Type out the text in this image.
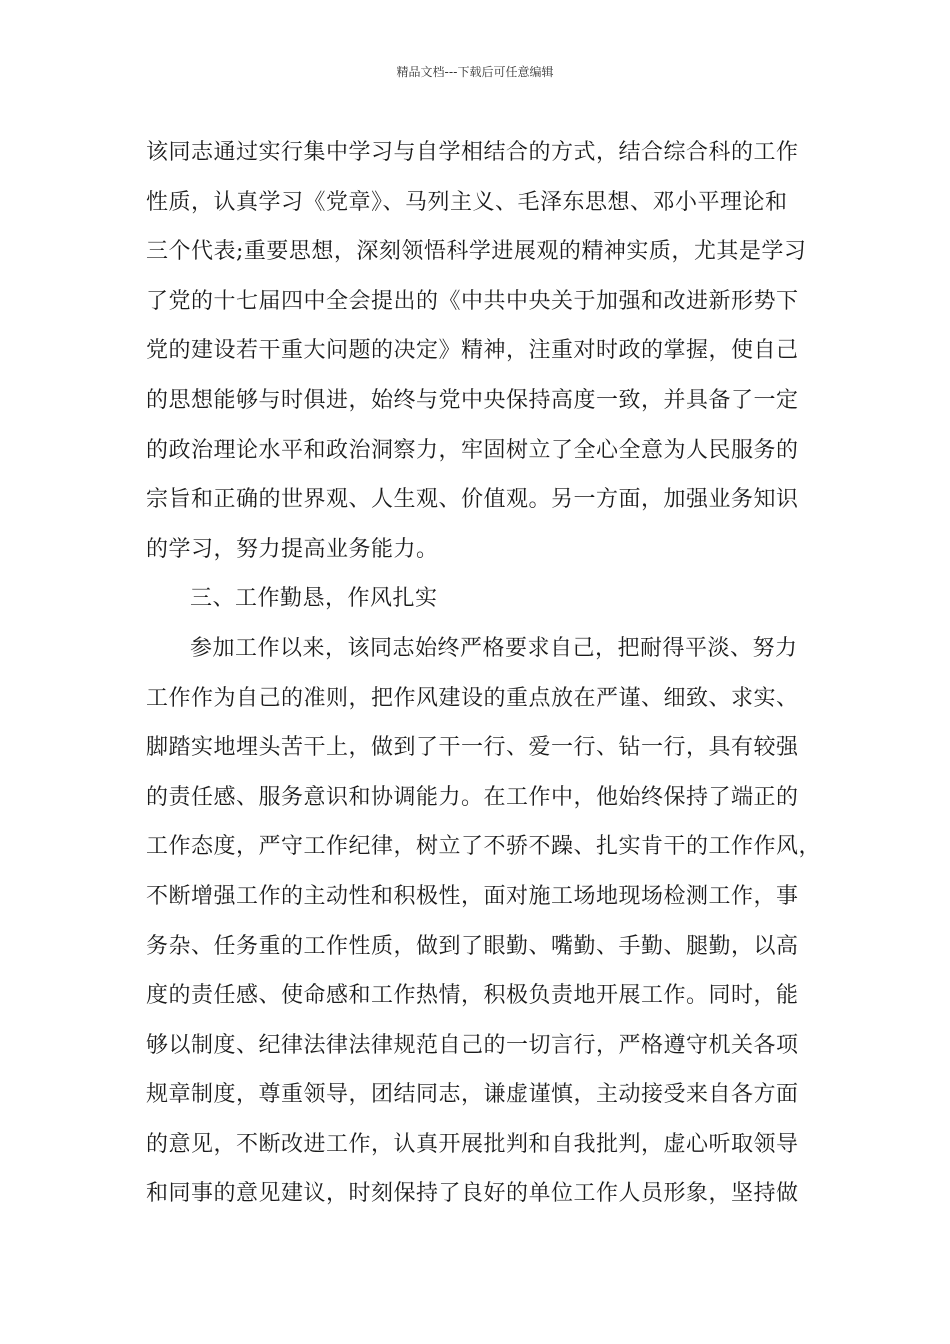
精品文档---下载后可任意编辑
该同志通过实行集中学习与自学相结合的方式，结合综合科的工作
性质，认真学习《党章》、马列主义、毛泽东思想、邓小平理论和
三个代表;重要思想，深刻领悟科学进展观的精神实质，尤其是学习
了党的十七届四中全会提出的《中共中央关于加强和改进新形势下
党的建设若干重大问题的决定》精神，注重对时政的掌握，使自己
的思想能够与时俱进，始终与党中央保持高度一致，并具备了一定
的政治理论水平和政治洞察力，牢固树立了全心全意为人民服务的
宗旨和正确的世界观、人生观、价值观。另一方面，加强业务知识
的学习，努力提高业务能力。
三、工作勤恳，作风扎实
参加工作以来，该同志始终严格要求自己，把耐得平淡、努力
工作作为自己的准则，把作风建设的重点放在严谨、细致、求实、
脚踏实地埋头苦干上，做到了干一行、爱一行、钻一行，具有较强
的责任感、服务意识和协调能力。在工作中，他始终保持了端正的
工作态度，严守工作纪律，树立了不骄不躁、扎实肯干的工作作风，
不断增强工作的主动性和积极性，面对施工场地现场检测工作，事
务杂、任务重的工作性质，做到了眼勤、嘴勤、手勤、腿勤，以高
度的责任感、使命感和工作热情，积极负责地开展工作。同时，能
够以制度、纪律法律法律规范自己的一切言行，严格遵守机关各项
规章制度，尊重领导，团结同志，谦虚谨慎，主动接受来自各方面
的意见，不断改进工作，认真开展批判和自我批判，虚心听取领导
和同事的意见建议，时刻保持了良好的单位工作人员形象，坚持做
